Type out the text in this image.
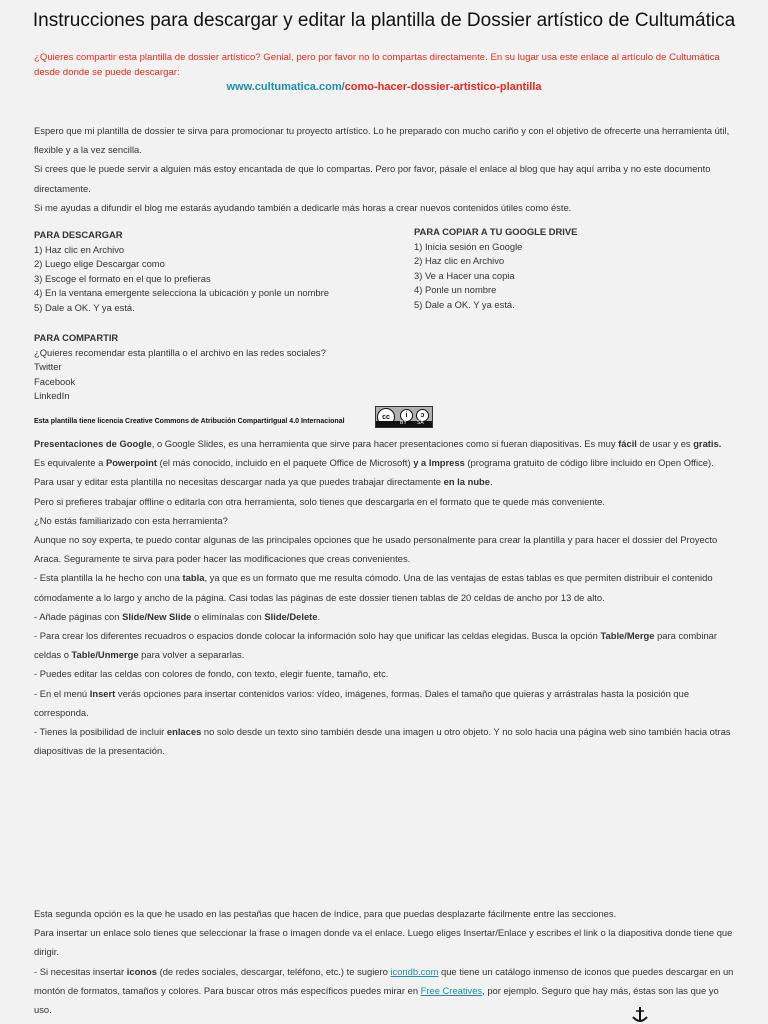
Instrucciones para descargar y editar la plantilla de Dossier artístico de Cultumática
¿Quieres compartir esta plantilla de dossier artístico? Genial, pero por favor no lo compartas directamente. En su lugar usa este enlace al artículo de Cultumática desde donde se puede descargar:
www.cultumatica.com/como-hacer-dossier-artistico-plantilla
Espero que mi plantilla de dossier te sirva para promocionar tu proyecto artístico. Lo he preparado con mucho cariño y con el objetivo de ofrecerte una herramienta útil, flexible y a la vez sencilla.
Si crees que le puede servir a alguien más estoy encantada de que lo compartas. Pero por favor, pásale el enlace al blog que hay aquí arriba y no este documento directamente.
Si me ayudas a difundir el blog me estarás ayudando también a dedicarle más horas a crear nuevos contenidos útiles como éste.
PARA DESCARGAR
1) Haz clic en Archivo
2) Luego elige Descargar como
3) Escoge el formato en el que lo prefieras
4) En la ventana emergente selecciona la ubicación y ponle un nombre
5) Dale a OK. Y ya está.
PARA COPIAR A TU GOOGLE DRIVE
1) Inicia sesión en Google
2) Haz clic en Archivo
3) Ve a Hacer una copia
4) Ponle un nombre
5) Dale a OK. Y ya está.
PARA COMPARTIR
¿Quieres recomendar esta plantilla o el archivo en las redes sociales?
Twitter
Facebook
LinkedIn
Esta plantilla tiene licencia Creative Commons de Atribución CompartirIgual 4.0 Internacional
cc	i	ↄ
BY SA
Presentaciones de Google, o Google Slides, es una herramienta que sirve para hacer presentaciones como si fueran diapositivas. Es muy fácil de usar y es gratis.
Es equivalente a Powerpoint (el más conocido, incluido en el paquete Office de Microsoft) y a Impress (programa gratuito de código libre incluido en Open Office).
Para usar y editar esta plantilla no necesitas descargar nada ya que puedes trabajar directamente en la nube.
Pero si prefieres trabajar offline o editarla con otra herramienta, solo tienes que descargarla en el formato que te quede más conveniente.
¿No estás familiarizado con esta herramienta?
Aunque no soy experta, te puedo contar algunas de las principales opciones que he usado personalmente para crear la plantilla y para hacer el dossier del Proyecto Araca. Seguramente te sirva para poder hacer las modificaciones que creas convenientes.
- Esta plantilla la he hecho con una tabla, ya que es un formato que me resulta cómodo. Una de las ventajas de estas tablas es que permiten distribuir el contenido cómodamente a lo largo y ancho de la página. Casi todas las páginas de este dossier tienen tablas de 20 celdas de ancho por 13 de alto.
- Añade páginas con Slide/New Slide o elimínalas con Slide/Delete.
- Para crear los diferentes recuadros o espacios donde colocar la información solo hay que unificar las celdas elegidas. Busca la opción Table/Merge para combinar celdas o Table/Unmerge para volver a separarlas.
- Puedes editar las celdas con colores de fondo, con texto, elegir fuente, tamaño, etc.
- En el menú Insert verás opciones para insertar contenidos varios: vídeo, imágenes, formas. Dales el tamaño que quieras y arrástralas hasta la posición que corresponda.
- Tienes la posibilidad de incluir enlaces no solo desde un texto sino también desde una imagen u otro objeto. Y no solo hacia una página web sino también hacia otras diapositivas de la presentación.
Esta segunda opción es la que he usado en las pestañas que hacen de índice, para que puedas desplazarte fácilmente entre las secciones.
Para insertar un enlace solo tienes que seleccionar la frase o imagen donde va el enlace. Luego eliges Insertar/Enlace y escribes el link o la diapositiva donde tiene que dirigir.
- Si necesitas insertar iconos (de redes sociales, descargar, teléfono, etc.) te sugiero icondb.com que tiene un catálogo inmenso de iconos que puedes descargar en un montón de formatos, tamaños y colores. Para buscar otros más específicos puedes mirar en Free Creatives, por ejemplo. Seguro que hay más, éstas son las que yo uso.
